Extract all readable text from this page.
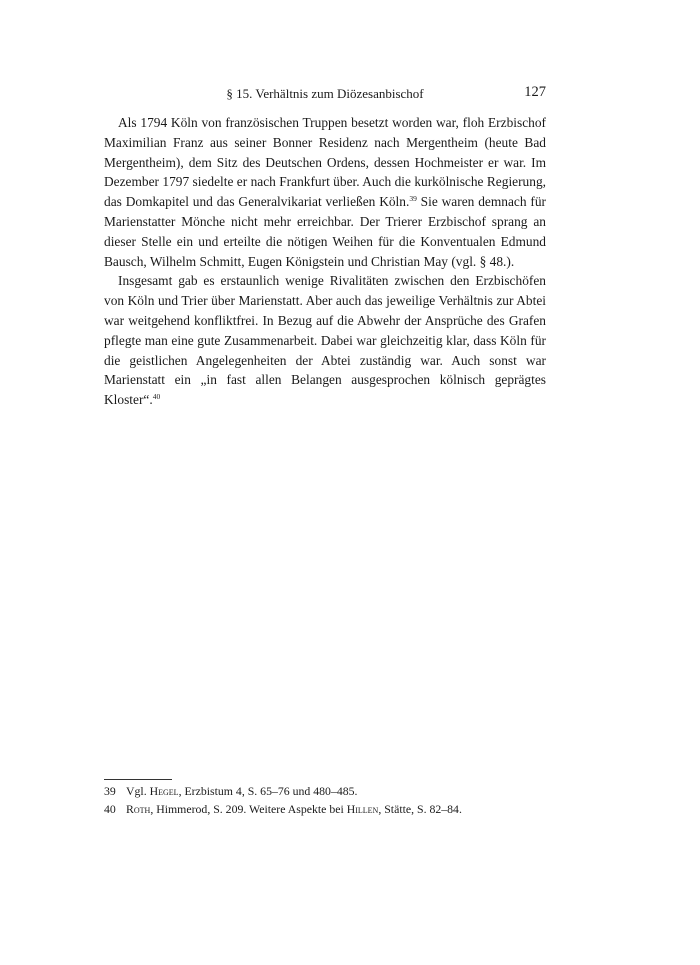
§ 15. Verhältnis zum Diözesanbischof	127

Als 1794 Köln von französischen Truppen besetzt worden war, floh Erzbischof Maximilian Franz aus seiner Bonner Residenz nach Mergentheim (heute Bad Mergentheim), dem Sitz des Deutschen Ordens, dessen Hochmeister er war. Im Dezember 1797 siedelte er nach Frankfurt über. Auch die kurkölnische Regierung, das Domkapitel und das Generalvikariat verließen Köln.$^{39}$ Sie waren demnach für Marienstatter Mönche nicht mehr erreichbar. Der Trierer Erzbischof sprang an dieser Stelle ein und erteilte die nötigen Weihen für die Konventualen Edmund Bausch, Wilhelm Schmitt, Eugen Königstein und Christian May (vgl. § 48.).

Insgesamt gab es erstaunlich wenige Rivalitäten zwischen den Erzbischöfen von Köln und Trier über Marienstatt. Aber auch das jeweilige Verhältnis zur Abtei war weitgehend konfliktfrei. In Bezug auf die Abwehr der Ansprüche des Grafen pflegte man eine gute Zusammenarbeit. Dabei war gleichzeitig klar, dass Köln für die geistlichen Angelegenheiten der Abtei zuständig war. Auch sonst war Marienstatt ein „in fast allen Belangen ausgesprochen kölnisch geprägtes Kloster“.$^{40}$

39 Vgl. Hegel, Erzbistum 4, S. 65–76 und 480–485.
40 Roth, Himmerod, S. 209. Weitere Aspekte bei Hillen, Stätte, S. 82–84.
